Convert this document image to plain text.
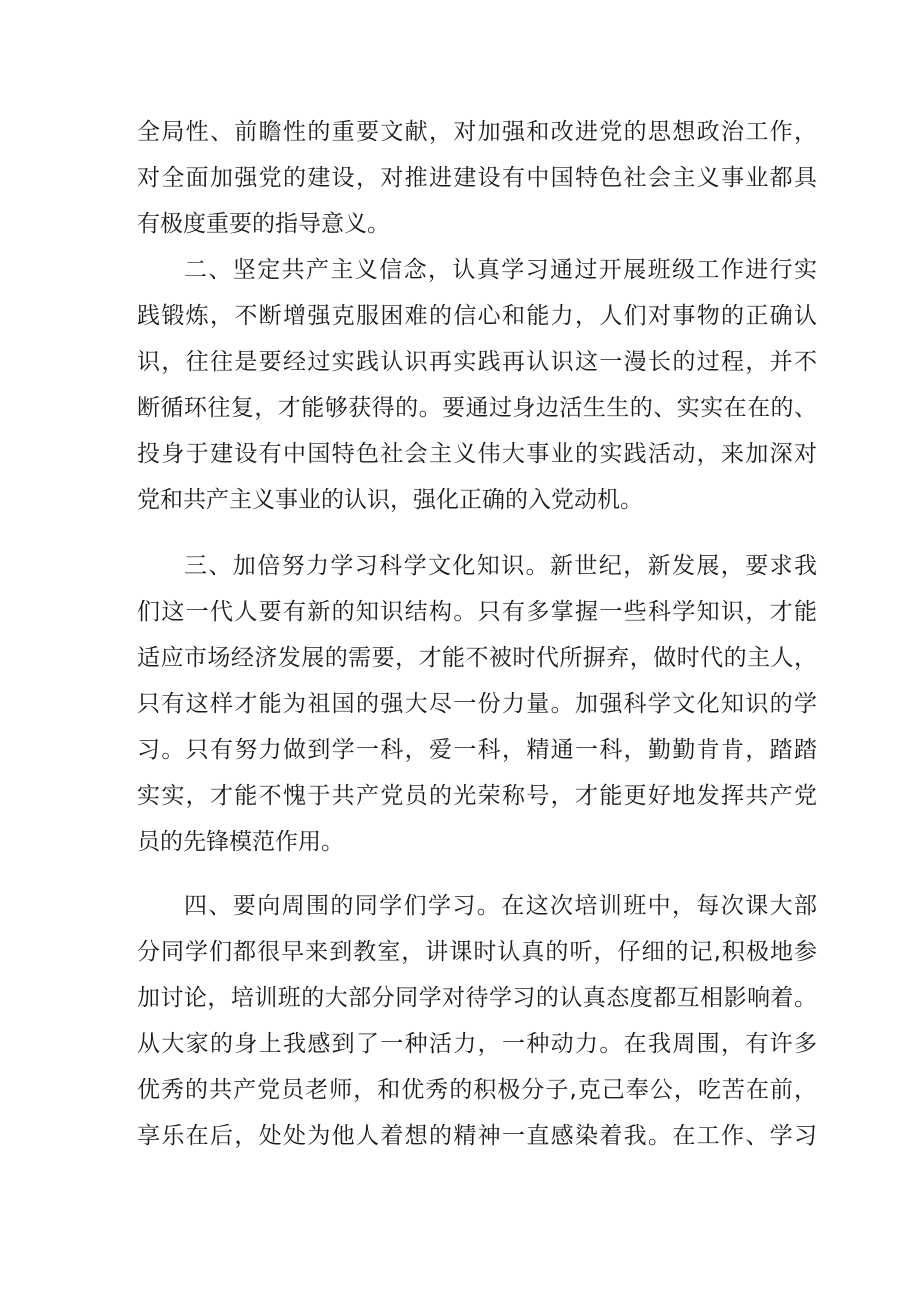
全局性、前瞻性的重要文献，对加强和改进党的思想政治工作，
对全面加强党的建设，对推进建设有中国特色社会主义事业都具
有极度重要的指导意义。
二、坚定共产主义信念，认真学习通过开展班级工作进行实
践锻炼，不断增强克服困难的信心和能力，人们对事物的正确认
识，往往是要经过实践认识再实践再认识这一漫长的过程，并不
断循环往复，才能够获得的。要通过身边活生生的、实实在在的、
投身于建设有中国特色社会主义伟大事业的实践活动，来加深对
党和共产主义事业的认识，强化正确的入党动机。
三、加倍努力学习科学文化知识。新世纪，新发展，要求我
们这一代人要有新的知识结构。只有多掌握一些科学知识，才能
适应市场经济发展的需要，才能不被时代所摒弃，做时代的主人，
只有这样才能为祖国的强大尽一份力量。加强科学文化知识的学
习。只有努力做到学一科，爱一科，精通一科，勤勤肯肯，踏踏
实实，才能不愧于共产党员的光荣称号，才能更好地发挥共产党
员的先锋模范作用。
四、要向周围的同学们学习。在这次培训班中，每次课大部
分同学们都很早来到教室，讲课时认真的听，仔细的记,积极地参
加讨论，培训班的大部分同学对待学习的认真态度都互相影响着。
从大家的身上我感到了一种活力，一种动力。在我周围，有许多
优秀的共产党员老师，和优秀的积极分子,克己奉公，吃苦在前，
享乐在后，处处为他人着想的精神一直感染着我。在工作、学习
